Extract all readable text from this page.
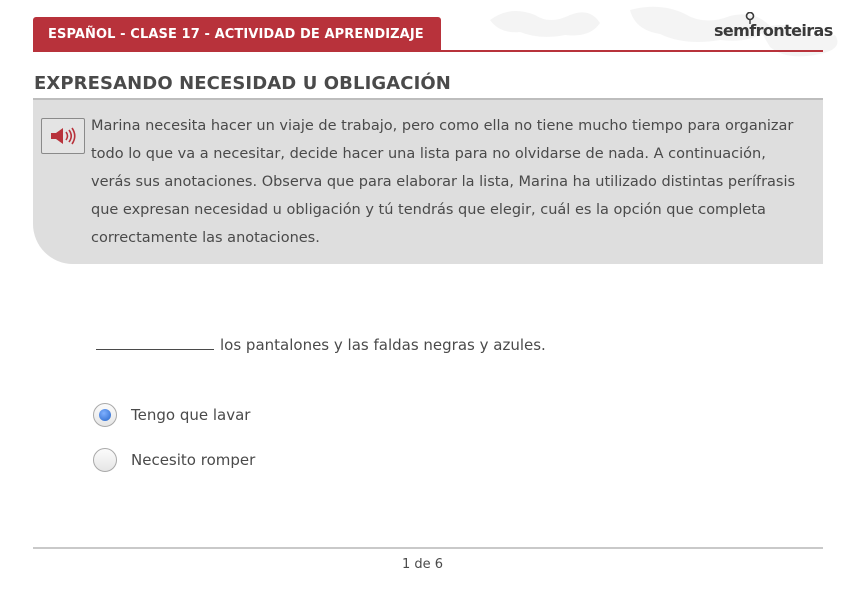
ESPAÑOL - CLASE 17 - ACTIVIDAD DE APRENDIZAJE	semfronteiras
EXPRESANDO NECESIDAD U OBLIGACIÓN
Marina necesita hacer un viaje de trabajo, pero como ella no tiene mucho tiempo para organizar todo lo que va a necesitar, decide hacer una lista para no olvidarse de nada. A continuación, verás sus anotaciones. Observa que para elaborar la lista, Marina ha utilizado distintas perífrasis que expresan necesidad u obligación y tú tendrás que elegir, cuál es la opción que completa correctamente las anotaciones.
los pantalones y las faldas negras y azules.
Tengo que lavar
Necesito romper
1 de 6
